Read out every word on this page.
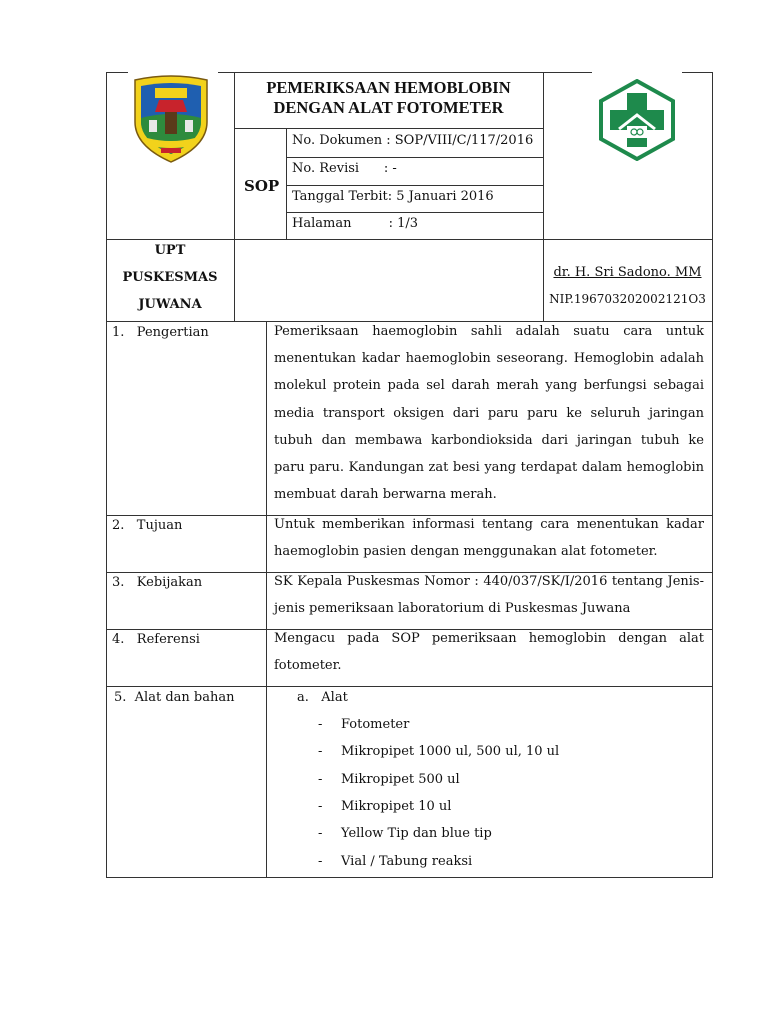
PEMERIKSAAN HEMOBLOBIN
DENGAN ALAT FOTOMETER
SOP
No. Dokumen : SOP/VIII/C/117/2016
No. Revisi      : -
Tanggal Terbit: 5 Januari 2016
Halaman         : 1/3
UPT
PUSKESMAS
JUWANA
dr. H. Sri Sadono. MM
NIP.196703202002121O3
1.   Pengertian	Pemeriksaan haemoglobin sahli adalah suatu cara untuk menentukan kadar haemoglobin seseorang. Hemoglobin adalah molekul protein pada sel darah merah yang berfungsi sebagai media transport oksigen dari paru paru ke seluruh jaringan tubuh dan membawa karbondioksida dari jaringan tubuh ke paru paru. Kandungan zat besi yang terdapat dalam hemoglobin membuat darah berwarna merah.
2.   Tujuan	Untuk memberikan informasi tentang cara menentukan kadar haemoglobin pasien dengan menggunakan alat fotometer.
3.   Kebijakan	SK Kepala Puskesmas Nomor : 440/037/SK/I/2016 tentang Jenis-jenis pemeriksaan laboratorium di Puskesmas Juwana
4.   Referensi	Mengacu pada SOP pemeriksaan hemoglobin dengan alat fotometer.
5.  Alat dan bahan	a.   Alat
- Fotometer
- Mikropipet 1000 ul, 500 ul, 10 ul
- Mikropipet 500 ul
- Mikropipet 10 ul
- Yellow Tip dan blue tip
- Vial / Tabung reaksi
